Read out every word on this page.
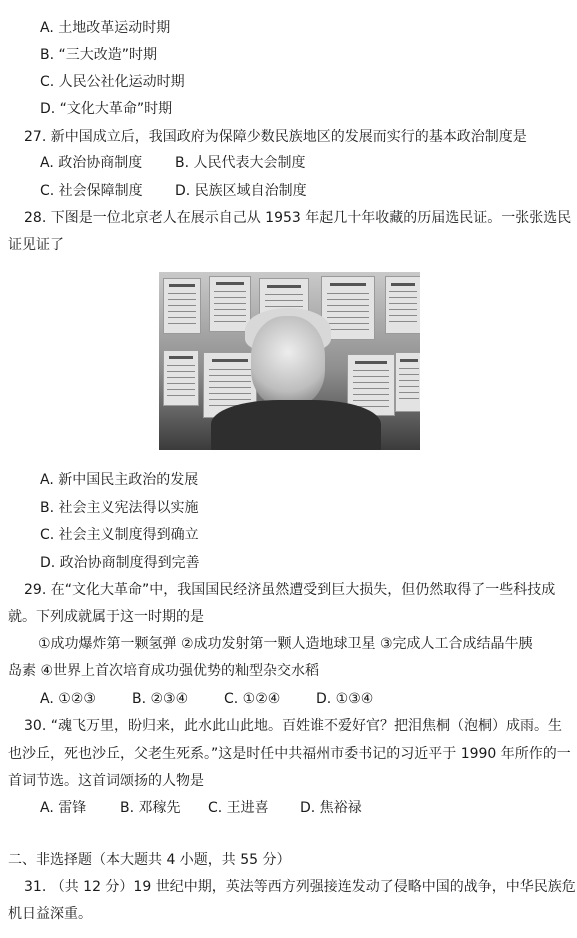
A. 土地改革运动时期
B. “三大改造”时期
C. 人民公社化运动时期
D. “文化大革命”时期
27. 新中国成立后，我国政府为保障少数民族地区的发展而实行的基本政治制度是
A. 政治协商制度	B. 人民代表大会制度
C. 社会保障制度	D. 民族区域自治制度
28. 下图是一位北京老人在展示自己从 1953 年起几十年收藏的历届选民证。一张张选民
证见证了
A. 新中国民主政治的发展
B. 社会主义宪法得以实施
C. 社会主义制度得到确立
D. 政治协商制度得到完善
29. 在“文化大革命”中，我国国民经济虽然遭受到巨大损失，但仍然取得了一些科技成
就。下列成就属于这一时期的是
①成功爆炸第一颗氢弹 ②成功发射第一颗人造地球卫星 ③完成人工合成结晶牛胰
岛素 ④世界上首次培育成功强优势的籼型杂交水稻
A. ①②③	B. ②③④	C. ①②④	D. ①③④
30. “魂飞万里，盼归来，此水此山此地。百姓谁不爱好官？把泪焦桐（泡桐）成雨。生
也沙丘，死也沙丘，父老生死系。”这是时任中共福州市委书记的习近平于 1990 年所作的一
首词节选。这首词颂扬的人物是
A. 雷锋	B. 邓稼先	C. 王进喜	D. 焦裕禄
二、非选择题（本大题共 4 小题，共 55 分）
31. （共 12 分）19 世纪中期，英法等西方列强接连发动了侵略中国的战争，中华民族危
机日益深重。
